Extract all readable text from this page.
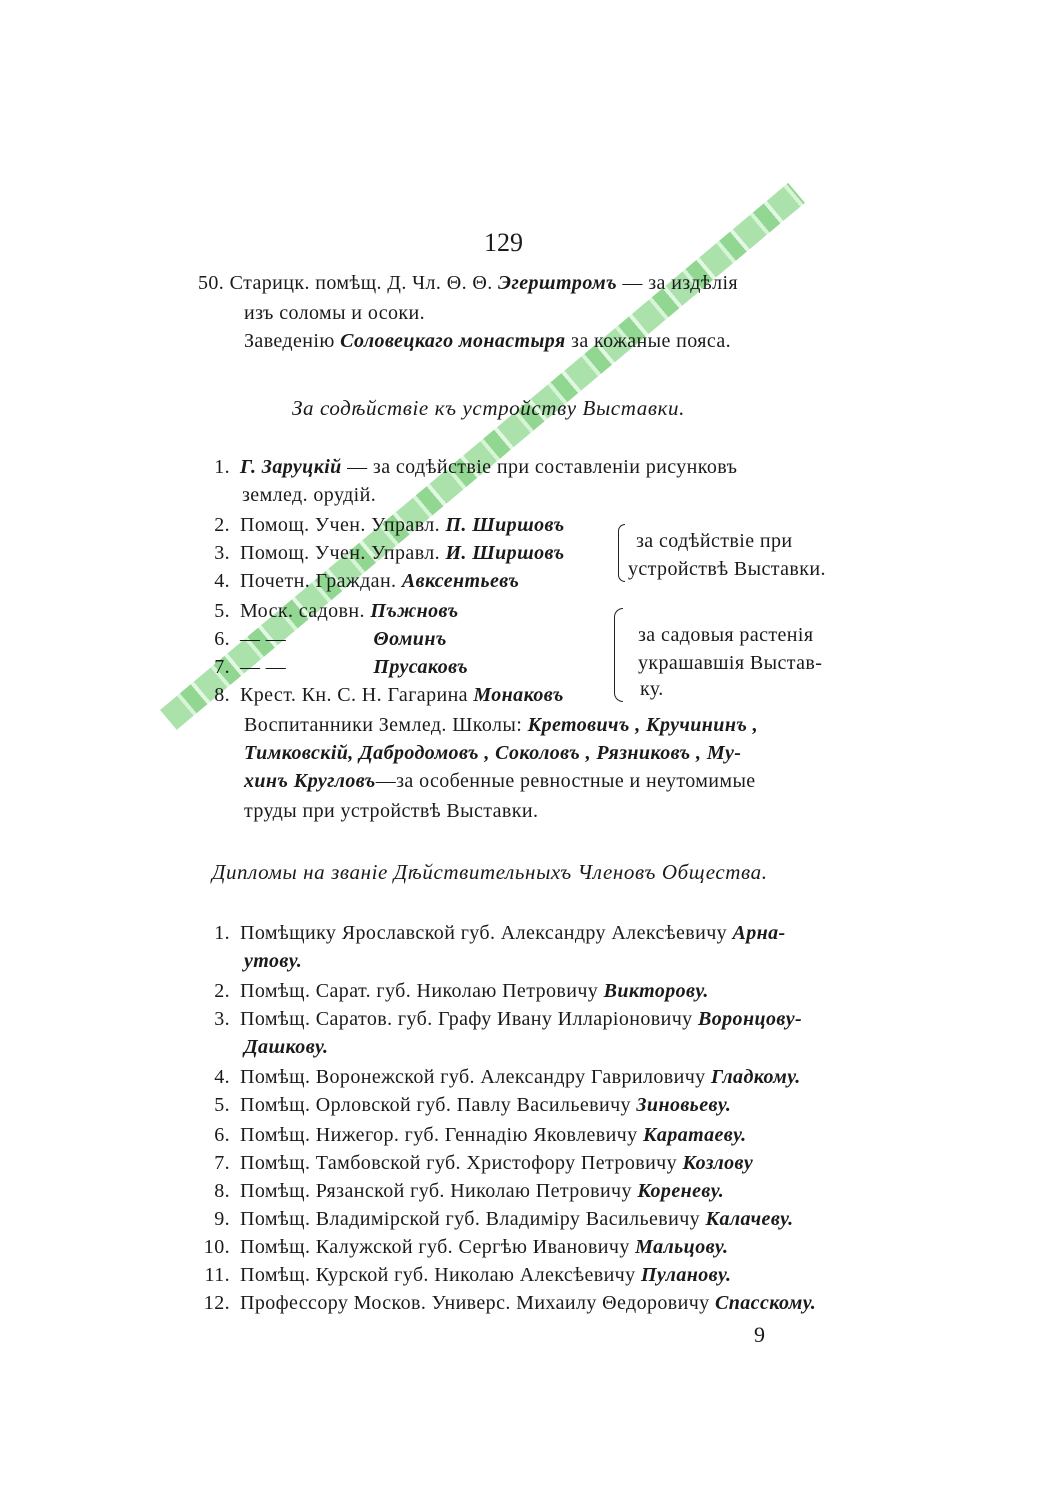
129
50. Старицк. помѣщ. Д. Чл. Θ. Θ. Эгерштромъ — за издѣлія
изъ соломы и осоки.
Заведенію Соловецкаго монастыря за кожаные пояса.
За содѣйствіе къ устройству Выставки.
1. Г. Заруцкій — за содѣйствіе при составленіи рисунковъ
землед. орудій.
2. Помощ. Учен. Управл. П. Ширшовъ
3. Помощ. Учен. Управл. И. Ширшовъ
4. Почетн. Граждан. Авксентьевъ
за содѣйствіе при
устройствѣ Выставки.
5. Моск. садовн. Пъжновъ
6. — —	Θоминъ
7. — —	Прусаковъ
8. Крест. Кн. С. Н. Гагарина Монаковъ
за садовыя растенія
украшавшія Выстав-
ку.
Воспитанники Землед. Школы: Кретовичъ , Кручининъ ,
Тимковскій, Дабродомовъ , Соколовъ , Рязниковъ , Му-
хинъ Кругловъ—за особенные ревностные и неутомимые
труды при устройствѣ Выставки.
Дипломы на званіе Дѣйствительныхъ Членовъ Общества.
1. Помѣщику Ярославской губ. Александру Алексѣевичу Арна-
утову.
2. Помѣщ. Сарат. губ. Николаю Петровичу Викторову.
3. Помѣщ. Саратов. губ. Графу Ивану Илларіоновичу Воронцову-
Дашкову.
4. Помѣщ. Воронежской губ. Александру Гавриловичу Гладкому.
5. Помѣщ. Орловской губ. Павлу Васильевичу Зиновьеву.
6. Помѣщ. Нижегор. губ. Геннадію Яковлевичу Каратаеву.
7. Помѣщ. Тамбовской губ. Христофору Петровичу Козлову
8. Помѣщ. Рязанской губ. Николаю Петровичу Кореневу.
9. Помѣщ. Владимірской губ. Владиміру Васильевичу Калачеву.
10. Помѣщ. Калужской губ. Сергѣю Ивановичу Мальцову.
11. Помѣщ. Курской губ. Николаю Алексѣевичу Пуланову.
12. Профессору Москов. Универс. Михаилу Θедоровичу Спасскому.
9
